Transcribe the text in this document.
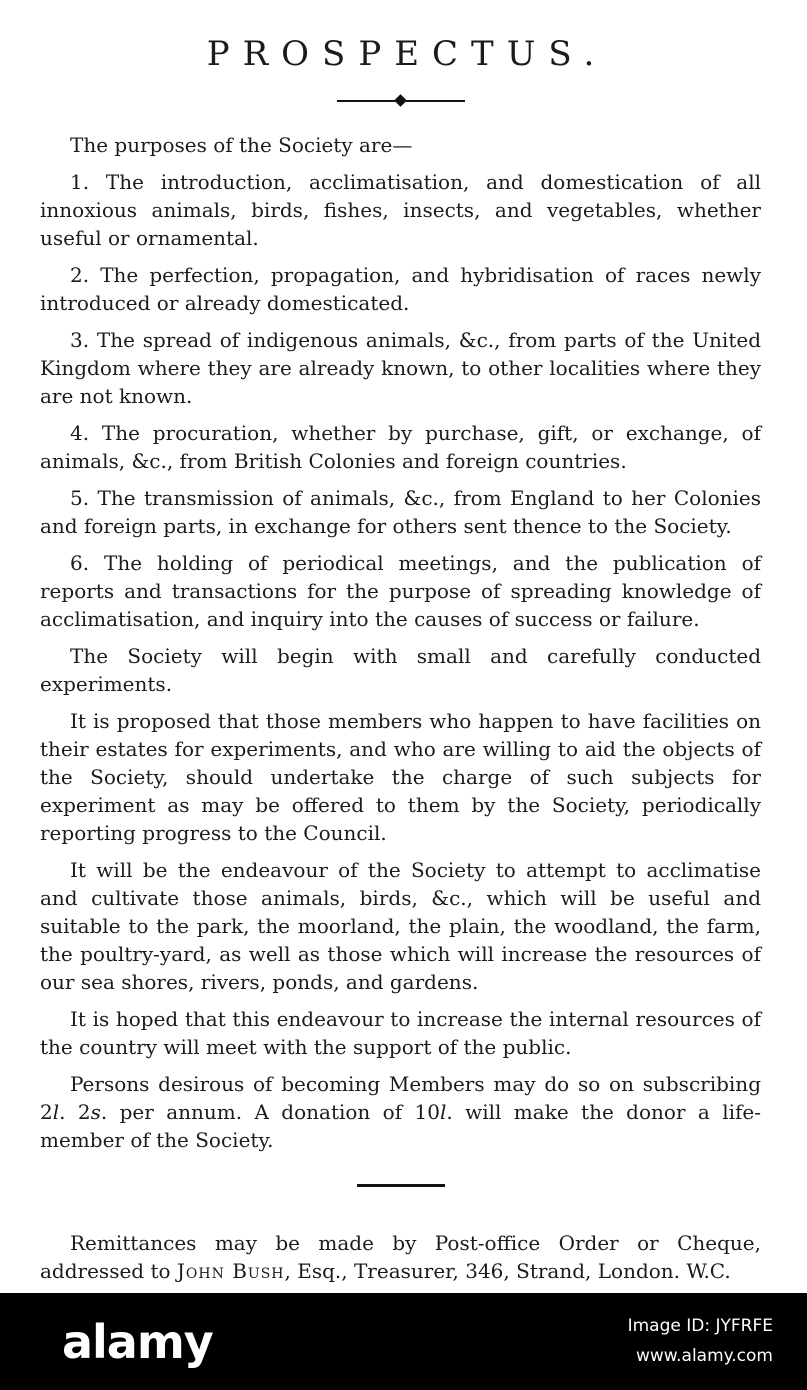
PROSPECTUS.

The purposes of the Society are—

1. The introduction, acclimatisation, and domestication of all innoxious animals, birds, fishes, insects, and vegetables, whether useful or ornamental.

2. The perfection, propagation, and hybridisation of races newly introduced or already domesticated.

3. The spread of indigenous animals, &c., from parts of the United Kingdom where they are already known, to other localities where they are not known.

4. The procuration, whether by purchase, gift, or exchange, of animals, &c., from British Colonies and foreign countries.

5. The transmission of animals, &c., from England to her Colonies and foreign parts, in exchange for others sent thence to the Society.

6. The holding of periodical meetings, and the publication of reports and transactions for the purpose of spreading knowledge of acclimatisation, and inquiry into the causes of success or failure.

The Society will begin with small and carefully conducted experiments.

It is proposed that those members who happen to have facilities on their estates for experiments, and who are willing to aid the objects of the Society, should undertake the charge of such subjects for experiment as may be offered to them by the Society, periodically reporting progress to the Council.

It will be the endeavour of the Society to attempt to acclimatise and cultivate those animals, birds, &c., which will be useful and suitable to the park, the moorland, the plain, the woodland, the farm, the poultry-yard, as well as those which will increase the resources of our sea shores, rivers, ponds, and gardens.

It is hoped that this endeavour to increase the internal resources of the country will meet with the support of the public.

Persons desirous of becoming Members may do so on subscribing 2l. 2s. per annum. A donation of 10l. will make the donor a life-member of the Society.

Remittances may be made by Post-office Order or Cheque, addressed to John Bush, Esq., Treasurer, 346, Strand, London. W.C.

alamy	Image ID: JYFRFE
www.alamy.com
